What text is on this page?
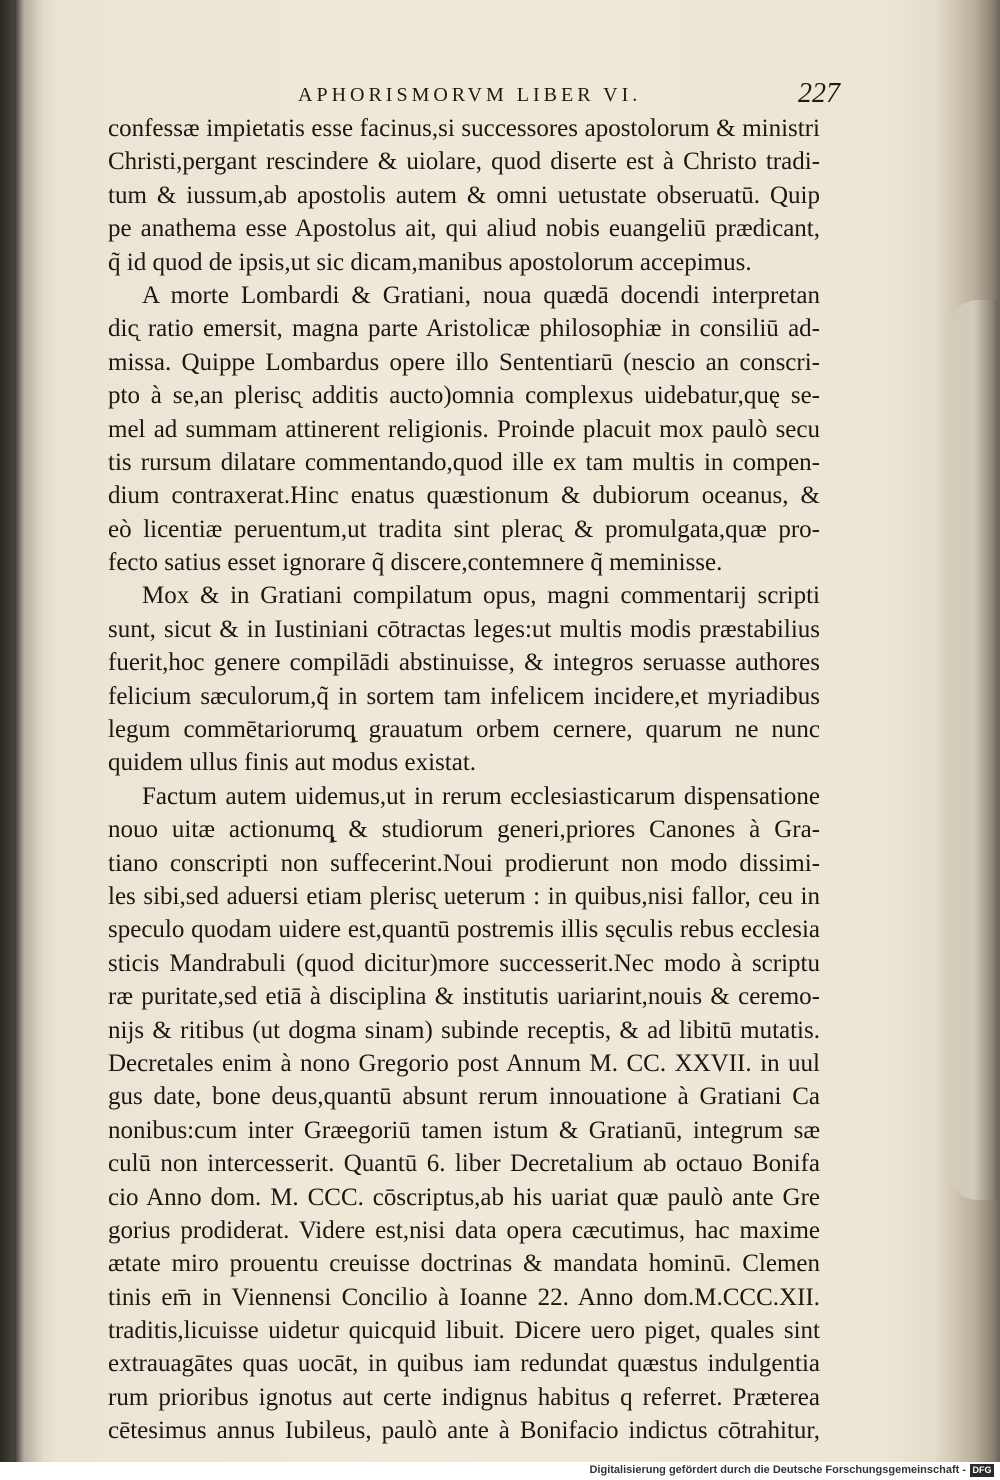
APHORISMORVM LIBER VI.	227
confessæ impietatis esse facinus,si successores apostolorum & ministri
Christi,pergant rescindere & uiolare, quod diserte est à Christo tradi-
tum & iussum,ab apostolis autem & omni uetustate obseruatū. Quip
pe anathema esse Apostolus ait, qui aliud nobis euangeliū prædicant,
q̃ id quod de ipsis,ut sic dicam,manibus apostolorum accepimus.
A morte Lombardi & Gratiani, noua quædā docendi interpretan
dic̨ ratio emersit, magna parte Aristolicæ philosophiæ in consiliū ad-
missa. Quippe Lombardus opere illo Sententiarū (nescio an conscri-
pto à se,an plerisc̨ additis aucto)omnia complexus uidebatur,quę se-
mel ad summam attinerent religionis. Proinde placuit mox paulò secu
tis rursum dilatare commentando,quod ille ex tam multis in compen-
dium contraxerat.Hinc enatus quæstionum & dubiorum oceanus, &
eò licentiæ peruentum,ut tradita sint plerac̨ & promulgata,quæ pro-
fecto satius esset ignorare q̃ discere,contemnere q̃ meminisse.
Mox & in Gratiani compilatum opus, magni commentarij scripti
sunt, sicut & in Iustiniani cōtractas leges:ut multis modis præstabilius
fuerit,hoc genere compilādi abstinuisse, & integros seruasse authores
felicium sæculorum,q̃ in sortem tam infelicem incidere,et myriadibus
legum commētariorumq̨ grauatum orbem cernere, quarum ne nunc
quidem ullus finis aut modus existat.
Factum autem uidemus,ut in rerum ecclesiasticarum dispensatione
nouo uitæ actionumq̨ & studiorum generi,priores Canones à Gra-
tiano conscripti non suffecerint.Noui prodierunt non modo dissimi-
les sibi,sed aduersi etiam plerisc̨ ueterum : in quibus,nisi fallor, ceu in
speculo quodam uidere est,quantū postremis illis sęculis rebus ecclesia
sticis Mandrabuli (quod dicitur)more successerit.Nec modo à scriptu
ræ puritate,sed etiā à disciplina & institutis uariarint,nouis & ceremo-
nijs & ritibus (ut dogma sinam) subinde receptis, & ad libitū mutatis.
Decretales enim à nono Gregorio post Annum M. CC. XXVII. in uul
gus date, bone deus,quantū absunt rerum innouatione à Gratiani Ca
nonibus:cum inter Græegoriū tamen istum & Gratianū, integrum sæ
culū non intercesserit. Quantū 6. liber Decretalium ab octauo Bonifa
cio Anno dom. M. CCC. cōscriptus,ab his uariat quæ paulò ante Gre
gorius prodiderat. Videre est,nisi data opera cæcutimus, hac maxime
ætate miro prouentu creuisse doctrinas & mandata hominū. Clemen
tinis em̄ in Viennensi Concilio à Ioanne 22. Anno dom.M.CCC.XII.
traditis,licuisse uidetur quicquid libuit. Dicere uero piget, quales sint
extrauagātes quas uocāt, in quibus iam redundat quæstus indulgentia
rum prioribus ignotus aut certe indignus habitus q referret. Præterea
cētesimus annus Iubileus, paulò ante à Bonifacio indictus cōtrahitur,
Digitalisierung gefördert durch die Deutsche Forschungsgemeinschaft - DFG
